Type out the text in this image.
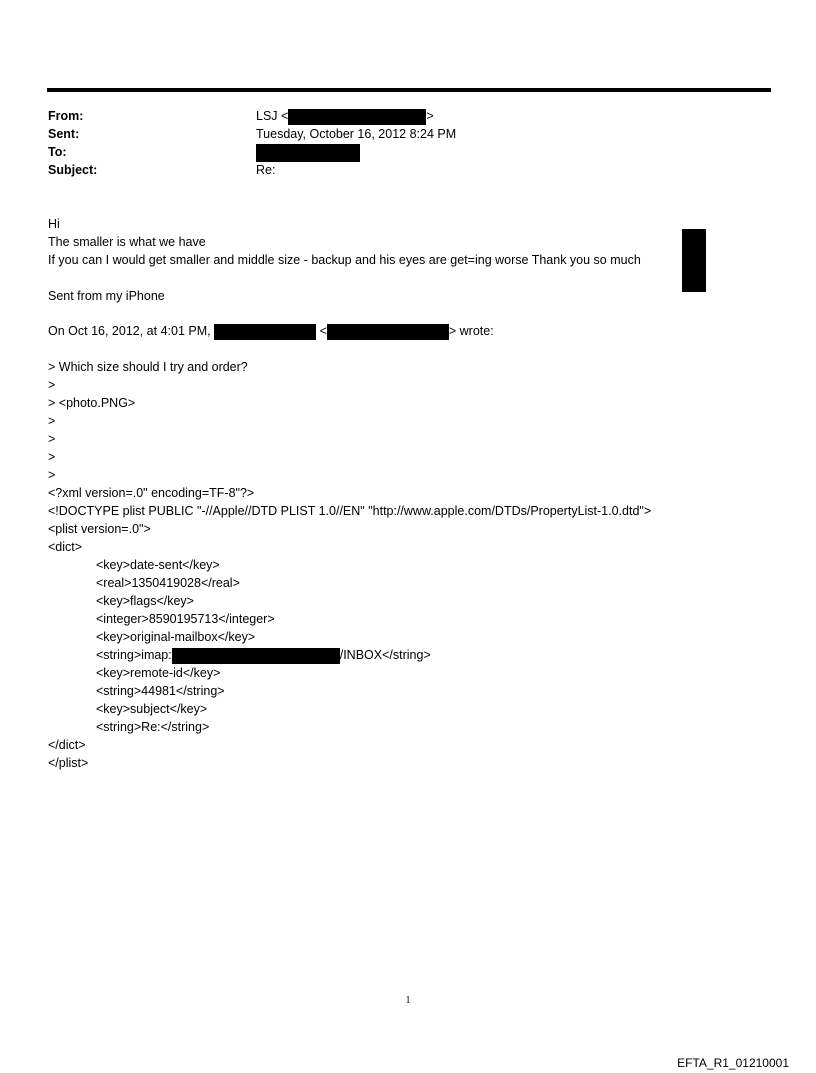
From:	LSJ <	>
Sent:	Tuesday, October 16, 2012 8:24 PM
To:
Subject:	Re:
Hi
The smaller is what we have
If you can I would get smaller and middle size - backup and his eyes are get=ing worse Thank you so much
Sent from my iPhone
On Oct 16, 2012, at 4:01 PM,	<	> wrote:
> Which size should I try and order?
>
> <photo.PNG>
>
>
>
>
<?xml version=.0" encoding=TF-8"?>
<!DOCTYPE plist PUBLIC "-//Apple//DTD PLIST 1.0//EN" "http://www.apple.com/DTDs/PropertyList-1.0.dtd">
<plist version=.0">
<dict>
<key>date-sent</key>
<real>1350419028</real>
<key>flags</key>
<integer>8590195713</integer>
<key>original-mailbox</key>
<string>imap:	/INBOX</string>
<key>remote-id</key>
<string>44981</string>
<key>subject</key>
<string>Re:</string>
</dict>
</plist>
1
EFTA_R1_01210001
